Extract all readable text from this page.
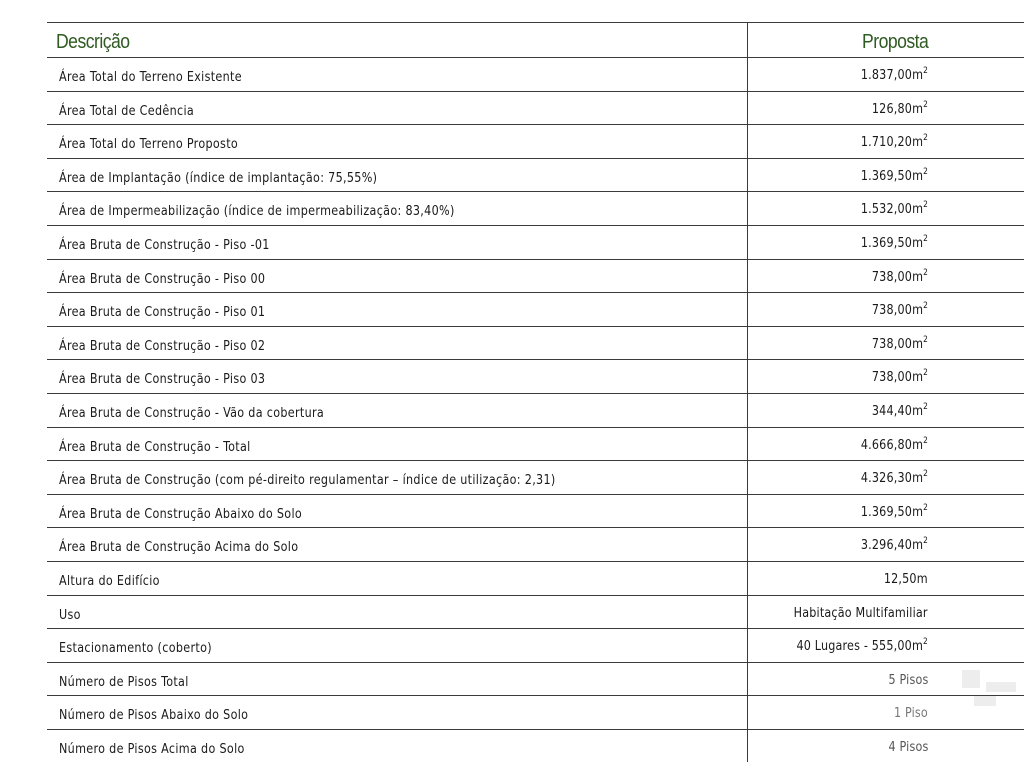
Descrição	Proposta
Área Total do Terreno Existente	$1.837,00m^2$
Área Total de Cedência	$126,80m^2$
Área Total do Terreno Proposto	$1.710,20m^2$
Área de Implantação (índice de implantação: 75,55%)	$1.369,50m^2$
Área de Impermeabilização (índice de impermeabilização: 83,40%)	$1.532,00m^2$
Área Bruta de Construção - Piso -01	$1.369,50m^2$
Área Bruta de Construção - Piso 00	$738,00m^2$
Área Bruta de Construção - Piso 01	$738,00m^2$
Área Bruta de Construção - Piso 02	$738,00m^2$
Área Bruta de Construção - Piso 03	$738,00m^2$
Área Bruta de Construção - Vão da cobertura	$344,40m^2$
Área Bruta de Construção - Total	$4.666,80m^2$
Área Bruta de Construção (com pé-direito regulamentar – índice de utilização: 2,31)	$4.326,30m^2$
Área Bruta de Construção Abaixo do Solo	$1.369,50m^2$
Área Bruta de Construção Acima do Solo	$3.296,40m^2$
Altura do Edifício	12,50m
Uso	Habitação Multifamiliar
Estacionamento (coberto)	40 Lugares - $555,00m^2$
Número de Pisos Total	5 Pisos
Número de Pisos Abaixo do Solo	1 Piso
Número de Pisos Acima do Solo	4 Pisos
